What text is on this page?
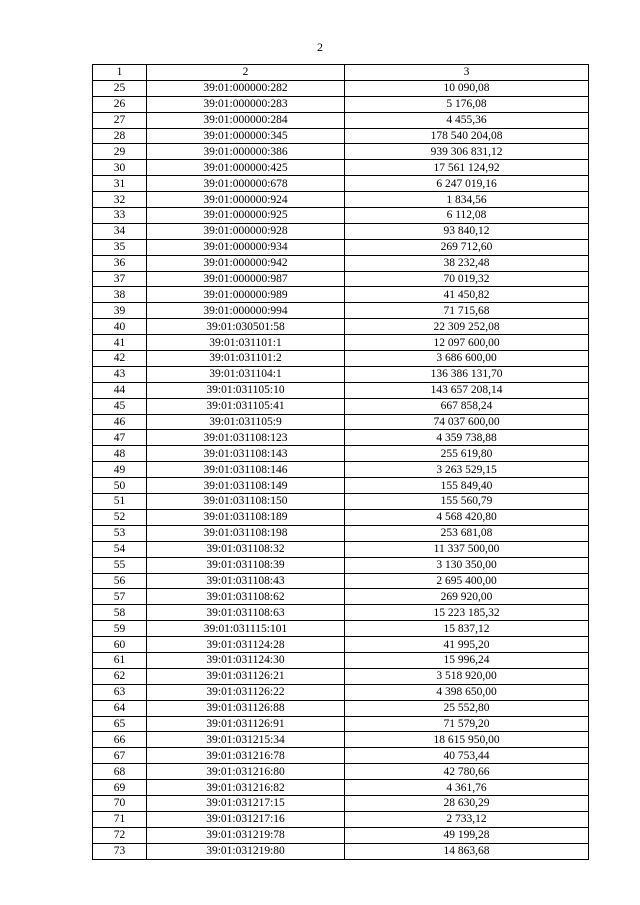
2
1	2	3
25	39:01:000000:282	10 090,08
26	39:01:000000:283	5 176,08
27	39:01:000000:284	4 455,36
28	39:01:000000:345	178 540 204,08
29	39:01:000000:386	939 306 831,12
30	39:01:000000:425	17 561 124,92
31	39:01:000000:678	6 247 019,16
32	39:01:000000:924	1 834,56
33	39:01:000000:925	6 112,08
34	39:01:000000:928	93 840,12
35	39:01:000000:934	269 712,60
36	39:01:000000:942	38 232,48
37	39:01:000000:987	70 019,32
38	39:01:000000:989	41 450,82
39	39:01:000000:994	71 715,68
40	39:01:030501:58	22 309 252,08
41	39:01:031101:1	12 097 600,00
42	39:01:031101:2	3 686 600,00
43	39:01:031104:1	136 386 131,70
44	39:01:031105:10	143 657 208,14
45	39:01:031105:41	667 858,24
46	39:01:031105:9	74 037 600,00
47	39:01:031108:123	4 359 738,88
48	39:01:031108:143	255 619,80
49	39:01:031108:146	3 263 529,15
50	39:01:031108:149	155 849,40
51	39:01:031108:150	155 560,79
52	39:01:031108:189	4 568 420,80
53	39:01:031108:198	253 681,08
54	39:01:031108:32	11 337 500,00
55	39:01:031108:39	3 130 350,00
56	39:01:031108:43	2 695 400,00
57	39:01:031108:62	269 920,00
58	39:01:031108:63	15 223 185,32
59	39:01:031115:101	15 837,12
60	39:01:031124:28	41 995,20
61	39:01:031124:30	15 996,24
62	39:01:031126:21	3 518 920,00
63	39:01:031126:22	4 398 650,00
64	39:01:031126:88	25 552,80
65	39:01:031126:91	71 579,20
66	39:01:031215:34	18 615 950,00
67	39:01:031216:78	40 753,44
68	39:01:031216:80	42 780,66
69	39:01:031216:82	4 361,76
70	39:01:031217:15	28 630,29
71	39:01:031217:16	2 733,12
72	39:01:031219:78	49 199,28
73	39:01:031219:80	14 863,68
